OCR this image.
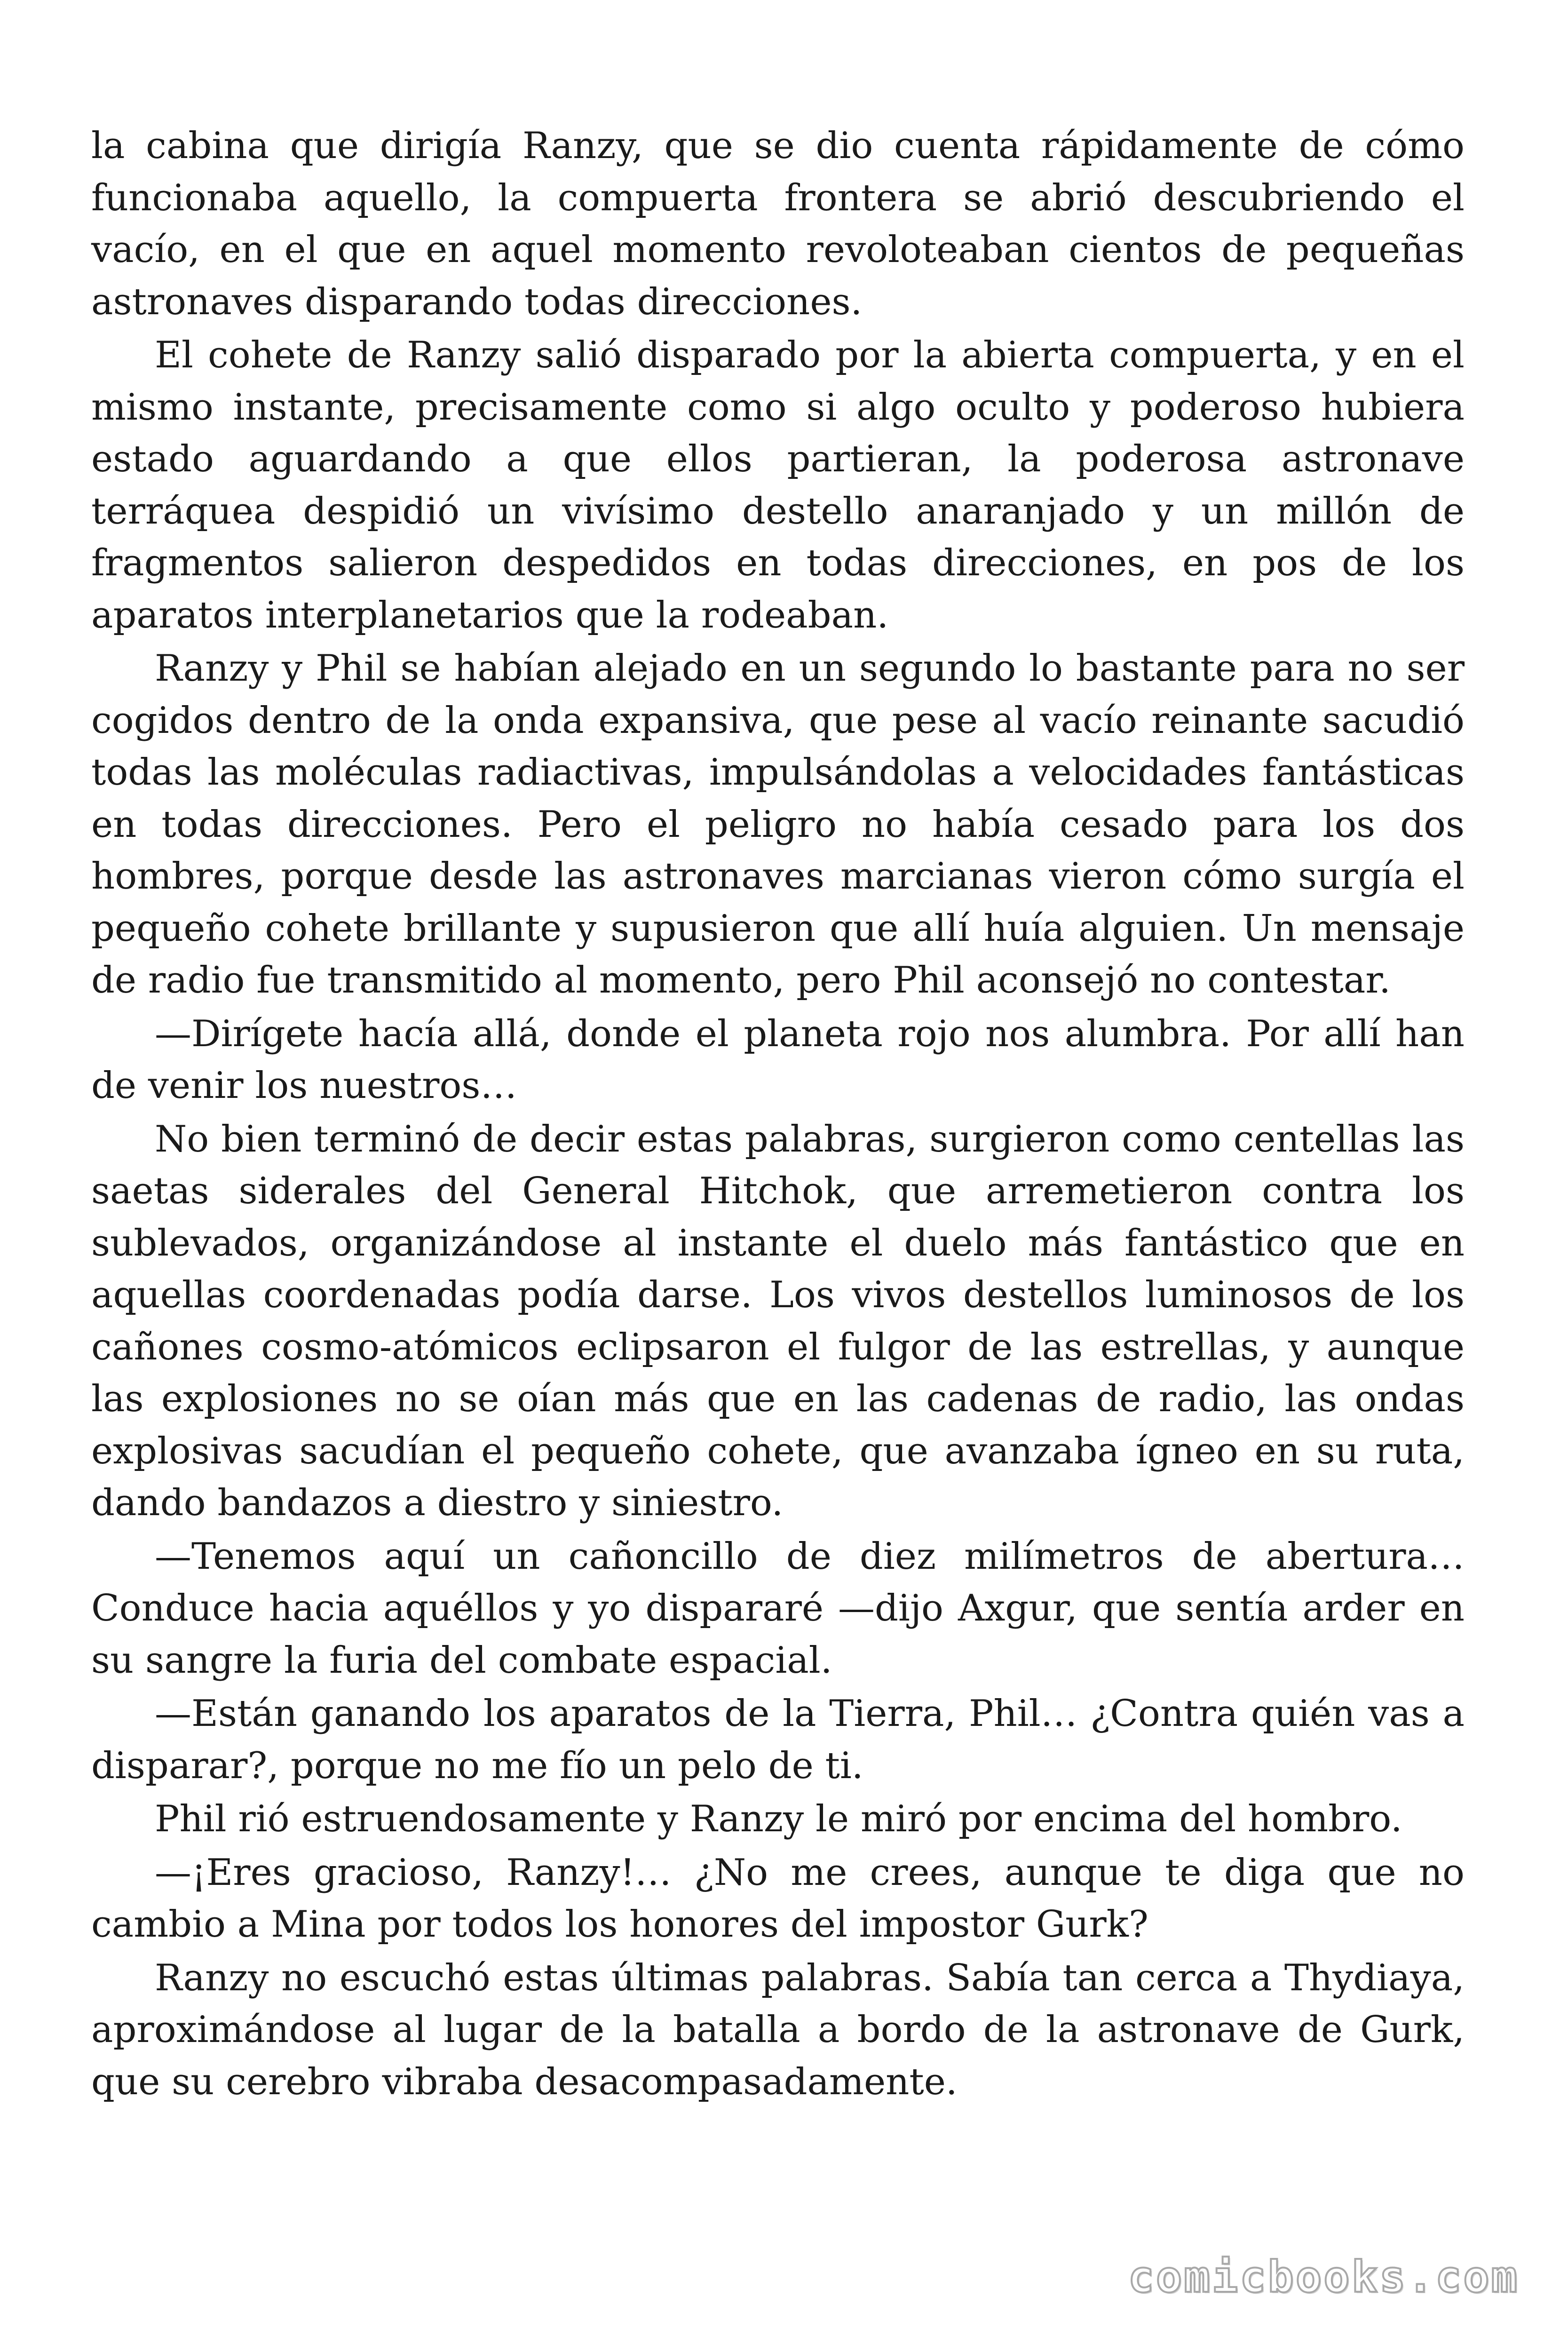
la cabina que dirigía Ranzy, que se dio cuenta rápidamente de cómo funcionaba aquello, la compuerta frontera se abrió descubriendo el vacío, en el que en aquel momento revoloteaban cientos de pequeñas astronaves disparando todas direcciones.

El cohete de Ranzy salió disparado por la abierta compuerta, y en el mismo instante, precisamente como si algo oculto y poderoso hubiera estado aguardando a que ellos partieran, la poderosa astronave terráquea despidió un vivísimo destello anaranjado y un millón de fragmentos salieron despedidos en todas direcciones, en pos de los aparatos interplanetarios que la rodeaban.

Ranzy y Phil se habían alejado en un segundo lo bastante para no ser cogidos dentro de la onda expansiva, que pese al vacío reinante sacudió todas las moléculas radiactivas, impulsándolas a velocidades fantásticas en todas direcciones. Pero el peligro no había cesado para los dos hombres, porque desde las astronaves marcianas vieron cómo surgía el pequeño cohete brillante y supusieron que allí huía alguien. Un mensaje de radio fue transmitido al momento, pero Phil aconsejó no contestar.

—Dirígete hacía allá, donde el planeta rojo nos alumbra. Por allí han de venir los nuestros…

No bien terminó de decir estas palabras, surgieron como centellas las saetas siderales del General Hitchok, que arremetieron contra los sublevados, organizándose al instante el duelo más fantástico que en aquellas coordenadas podía darse. Los vivos destellos luminosos de los cañones cosmo-atómicos eclipsaron el fulgor de las estrellas, y aunque las explosiones no se oían más que en las cadenas de radio, las ondas explosivas sacudían el pequeño cohete, que avanzaba ígneo en su ruta, dando bandazos a diestro y siniestro.

—Tenemos aquí un cañoncillo de diez milímetros de abertura… Conduce hacia aquéllos y yo dispararé —dijo Axgur, que sentía arder en su sangre la furia del combate espacial.

—Están ganando los aparatos de la Tierra, Phil… ¿Contra quién vas a disparar?, porque no me fío un pelo de ti.

Phil rió estruendosamente y Ranzy le miró por encima del hombro.

—¡Eres gracioso, Ranzy!… ¿No me crees, aunque te diga que no cambio a Mina por todos los honores del impostor Gurk?

Ranzy no escuchó estas últimas palabras. Sabía tan cerca a Thydiaya, aproximándose al lugar de la batalla a bordo de la astronave de Gurk, que su cerebro vibraba desacompasadamente.

comicbooks.com
